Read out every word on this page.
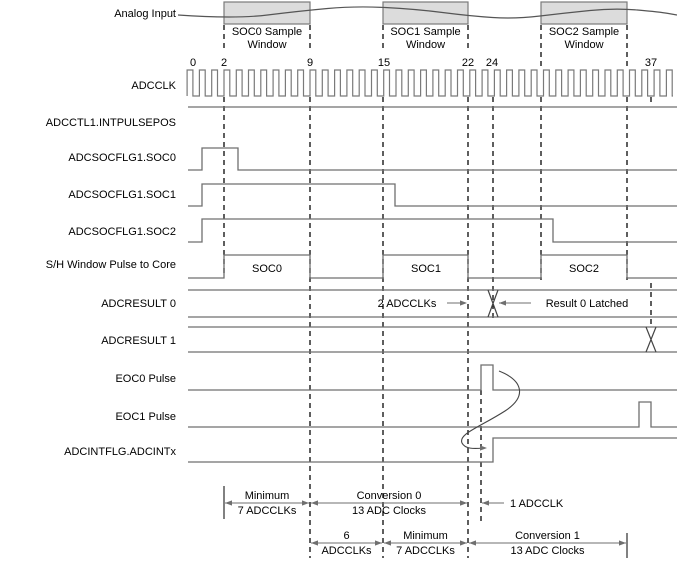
SOC0 Sample
Window
SOC1 Sample
Window
SOC2 Sample
Window
0 2	9	15	22 24	37
SOC0	SOC1	SOC2
2 ADCCLKs	Result 0 Latched
Minimum
7 ADCCLKs
Conversion 0
13 ADC Clocks
6
ADCCLKs
Minimum
7 ADCCLKs
Conversion 1
13 ADC Clocks
1 ADCCLK
Analog Input
ADCCLK
ADCCTL1.INTPULSEPOS
ADCSOCFLG1.SOC0
ADCSOCFLG1.SOC1
ADCSOCFLG1.SOC2
S/H Window Pulse to Core
ADCRESULT 0
ADCRESULT 1
EOC0 Pulse
EOC1 Pulse
ADCINTFLG.ADCINTx
